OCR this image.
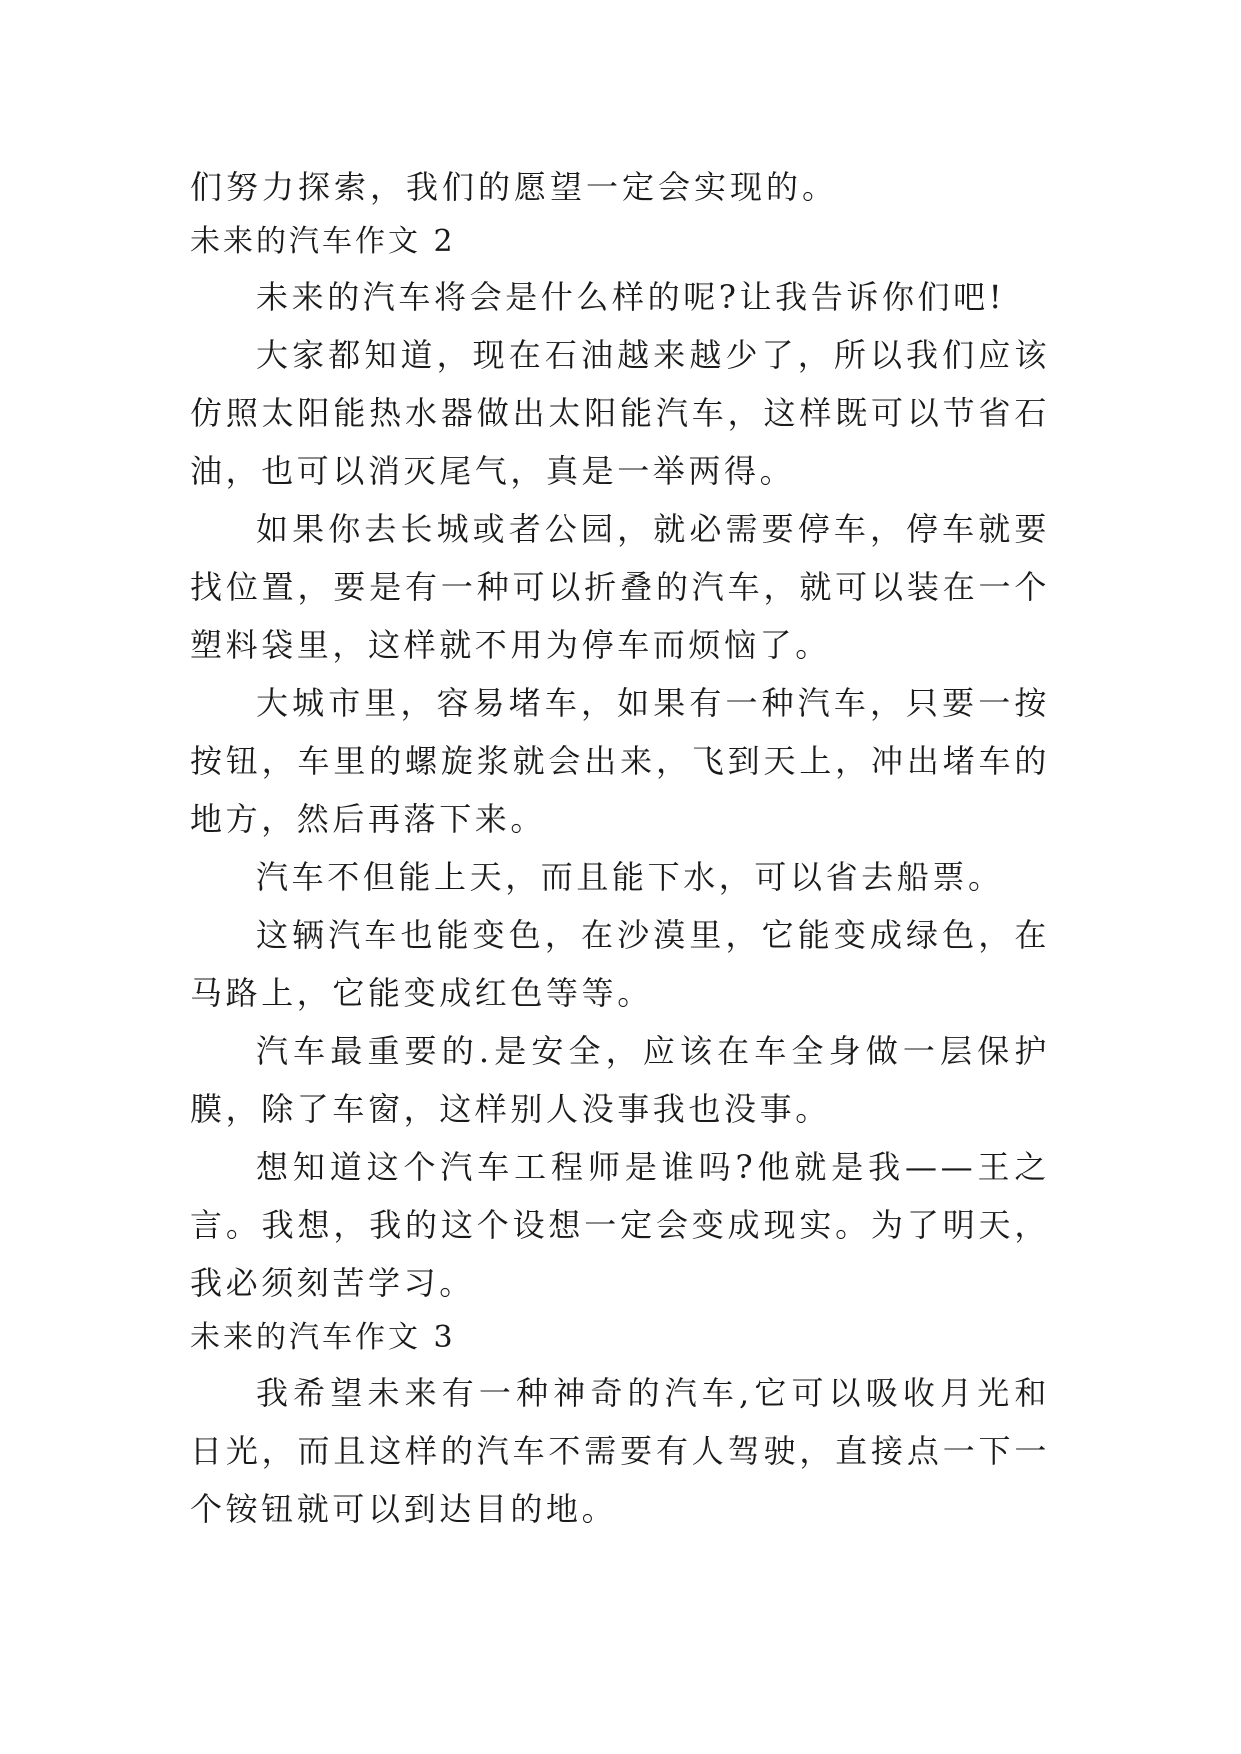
们努力探索，我们的愿望一定会实现的。
未来的汽车作文 2

未来的汽车将会是什么样的呢?让我告诉你们吧!

大家都知道，现在石油越来越少了，所以我们应该仿照太阳能热水器做出太阳能汽车，这样既可以节省石油，也可以消灭尾气，真是一举两得。

如果你去长城或者公园，就必需要停车，停车就要找位置，要是有一种可以折叠的汽车，就可以装在一个塑料袋里，这样就不用为停车而烦恼了。

大城市里，容易堵车，如果有一种汽车，只要一按按钮，车里的螺旋浆就会出来，飞到天上，冲出堵车的地方，然后再落下来。

汽车不但能上天，而且能下水，可以省去船票。

这辆汽车也能变色，在沙漠里，它能变成绿色，在马路上，它能变成红色等等。

汽车最重要的.是安全，应该在车全身做一层保护膜，除了车窗，这样别人没事我也没事。

想知道这个汽车工程师是谁吗?他就是我——王之言。我想，我的这个设想一定会变成现实。为了明天，我必须刻苦学习。

未来的汽车作文 3

我希望未来有一种神奇的汽车,它可以吸收月光和日光，而且这样的汽车不需要有人驾驶，直接点一下一个铵钮就可以到达目的地。
